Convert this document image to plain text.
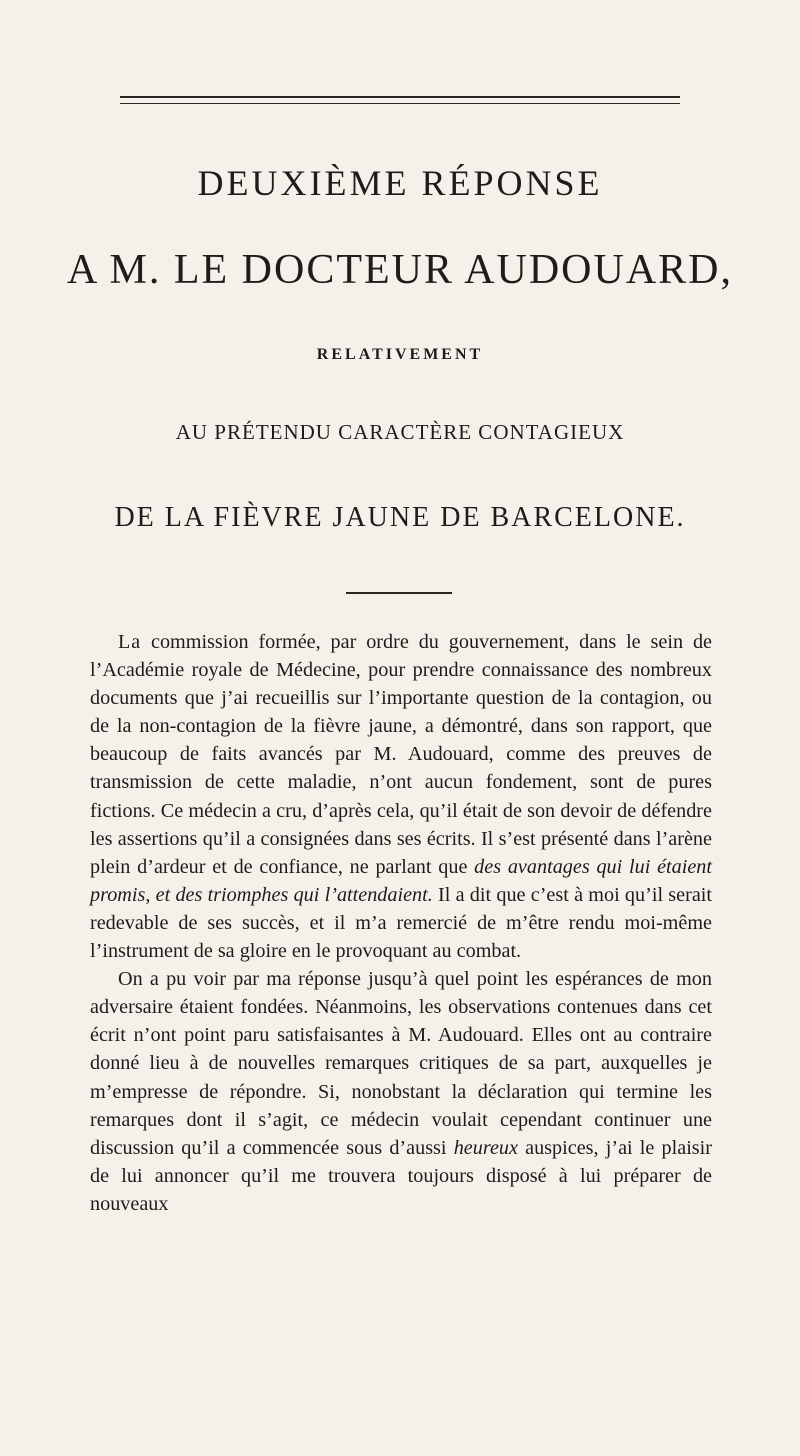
DEUXIÈME RÉPONSE
A M. LE DOCTEUR AUDOUARD,
RELATIVEMENT
AU PRÉTENDU CARACTÈRE CONTAGIEUX
DE LA FIÈVRE JAUNE DE BARCELONE.

La commission formée, par ordre du gouvernement, dans le sein de l’Académie royale de Médecine, pour prendre connaissance des nombreux documents que j’ai recueillis sur l’importante question de la contagion, ou de la non-contagion de la fièvre jaune, a démontré, dans son rapport, que beaucoup de faits avancés par M. Audouard, comme des preuves de transmission de cette maladie, n’ont aucun fondement, sont de pures fictions. Ce médecin a cru, d’après cela, qu’il était de son devoir de défendre les assertions qu’il a consignées dans ses écrits. Il s’est présenté dans l’arène plein d’ardeur et de confiance, ne parlant que des avantages qui lui étaient promis, et des triomphes qui l’attendaient. Il a dit que c’est à moi qu’il serait redevable de ses succès, et il m’a remercié de m’être rendu moi-même l’instrument de sa gloire en le provoquant au combat.

On a pu voir par ma réponse jusqu’à quel point les espérances de mon adversaire étaient fondées. Néanmoins, les observations contenues dans cet écrit n’ont point paru satisfaisantes à M. Audouard. Elles ont au contraire donné lieu à de nouvelles remarques critiques de sa part, auxquelles je m’empresse de répondre. Si, nonobstant la déclaration qui termine les remarques dont il s’agit, ce médecin voulait cependant continuer une discussion qu’il a commencée sous d’aussi heureux auspices, j’ai le plaisir de lui annoncer qu’il me trouvera toujours disposé à lui préparer de nouveaux
